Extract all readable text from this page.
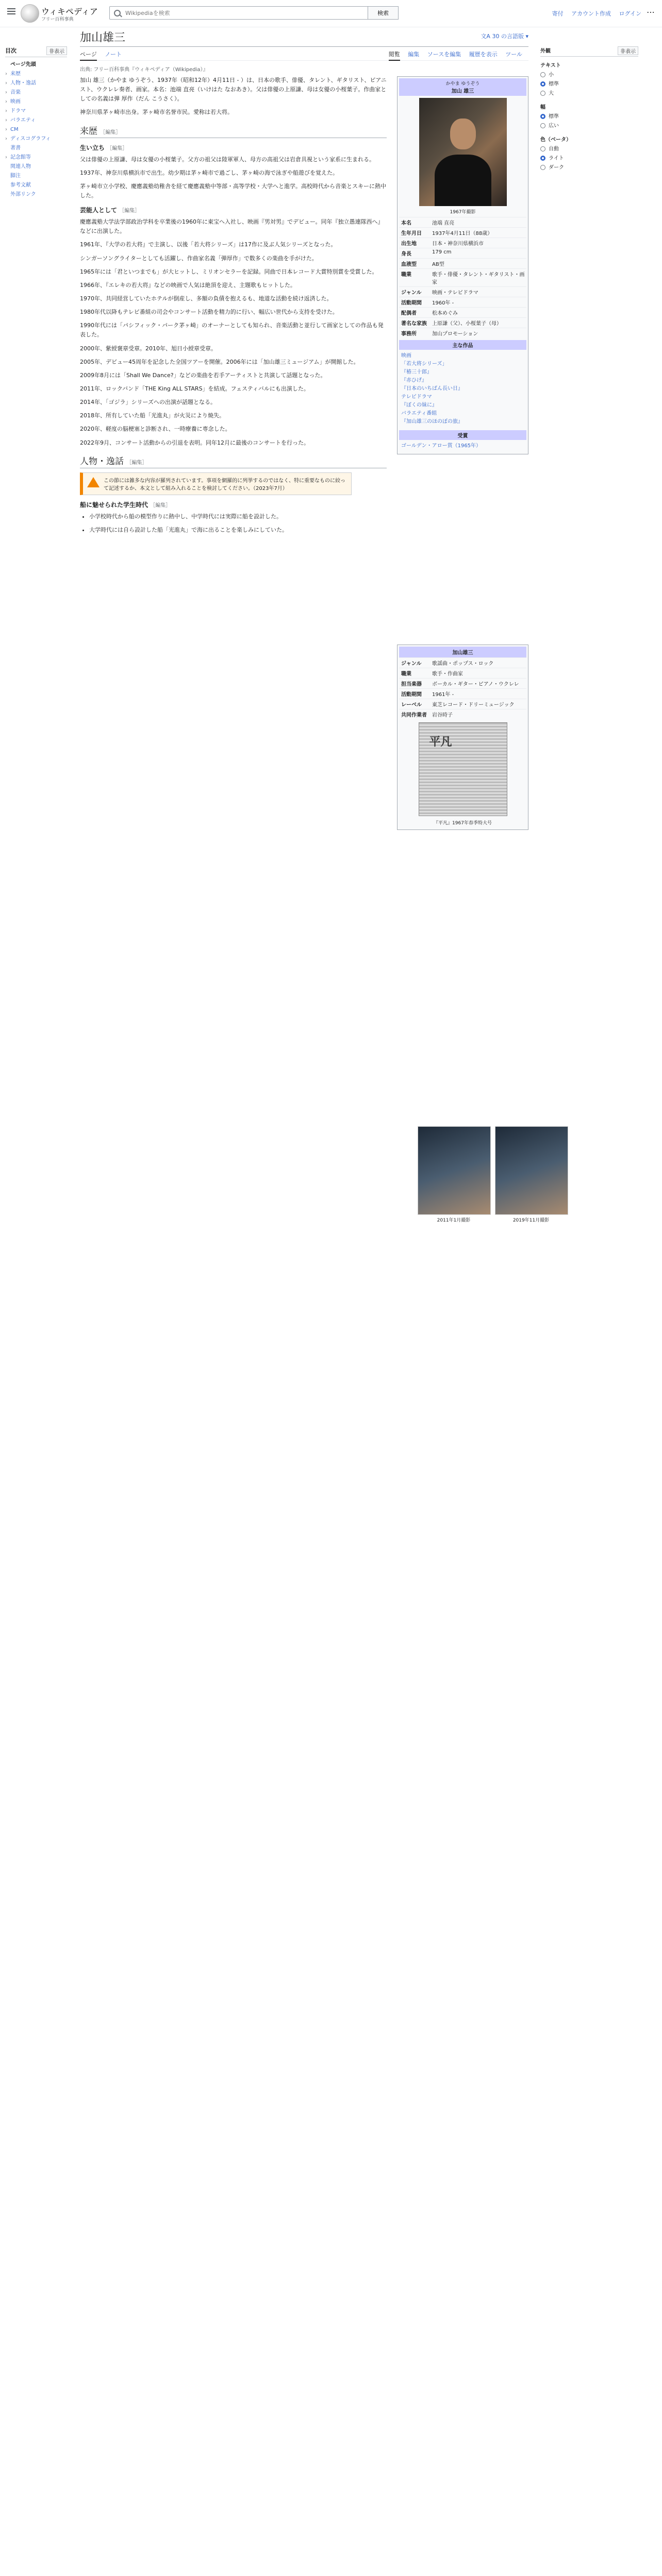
ウィキペディア
フリー百科事典
Wikipediaを検索
検索	寄付 アカウント作成 ログイン ⋯
目次	非表示
ページ先頭
› 来歴
› 人物・逸話
› 音楽
› 映画
› ドラマ
› バラエティ
› CM
› ディスコグラフィ
著書
› 記念館等
関連人物
脚注
参考文献
外部リンク
加山雄三	文A 30 の言語版 ▾
ページ ノート	閲覧 編集 ソースを編集 履歴を表示 ツール
出典: フリー百科事典『ウィキペディア（Wikipedia）』

加山 雄三（かやま ゆうぞう、1937年（昭和12年）4月11日 - ）は、日本の歌手、俳優、タレント、ギタリスト、ピアニスト、ウクレレ奏者、画家。本名：池端 直亮（いけはた なおあき）。父は俳優の上原謙、母は女優の小桜葉子。作曲家としての名義は弾 厚作（だん こうさく）。

神奈川県茅ヶ崎市出身。茅ヶ崎市名誉市民。愛称は若大将。

来歴 ［編集］
生い立ち ［編集］

父は俳優の上原謙、母は女優の小桜葉子。父方の祖父は陸軍軍人、母方の高祖父は岩倉具視という家系に生まれる。

1937年、神奈川県横浜市で出生。幼少期は茅ヶ崎市で過ごし、茅ヶ崎の海で泳ぎや船遊びを覚えた。

茅ヶ崎市立小学校、慶應義塾幼稚舎を経て慶應義塾中等部・高等学校・大学へと進学。高校時代から音楽とスキーに熱中した。

芸能人として ［編集］

慶應義塾大学法学部政治学科を卒業後の1960年に東宝へ入社し、映画『男対男』でデビュー。同年『独立愚連隊西へ』などに出演した。

1961年、『大学の若大将』で主演し、以後「若大将シリーズ」は17作に及ぶ人気シリーズとなった。

シンガーソングライターとしても活躍し、作曲家名義「弾厚作」で数多くの楽曲を手がけた。

1965年には「君といつまでも」が大ヒットし、ミリオンセラーを記録。同曲で日本レコード大賞特別賞を受賞した。

1966年、『エレキの若大将』などの映画で人気は絶頂を迎え、主題歌もヒットした。

1970年、共同経営していたホテルが倒産し、多額の負債を抱えるも、地道な活動を続け返済した。

1980年代以降もテレビ番組の司会やコンサート活動を精力的に行い、幅広い世代から支持を受けた。

1990年代には「パシフィック・パーク茅ヶ崎」のオーナーとしても知られ、音楽活動と並行して画家としての作品も発表した。

2000年、紫綬褒章受章。2010年、旭日小綬章受章。

2005年、デビュー45周年を記念した全国ツアーを開催。2006年には「加山雄三ミュージアム」が開館した。

2009年8月には「Shall We Dance?」などの楽曲を若手アーティストと共演して話題となった。

2011年、ロックバンド「THE King ALL STARS」を結成。フェスティバルにも出演した。

2014年、「ゴジラ」シリーズへの出演が話題となる。

2018年、所有していた船「光進丸」が火災により焼失。

2020年、軽度の脳梗塞と診断され、一時療養に専念した。

2022年9月、コンサート活動からの引退を表明。同年12月に最後のコンサートを行った。

人物・逸話 ［編集］
この節には雑多な内容が羅列されています。事項を網羅的に列挙するのではなく、特に重要なものに絞って記述するか、本文として組み入れることを検討してください。（2023年7月）
船に魅せられた学生時代 ［編集］
• 小学校時代から船の模型作りに熱中し、中学時代には実際に船を設計した。
• 大学時代には自ら設計した船「光進丸」で海に出ることを楽しみにしていた。
かやま ゆうぞう
加山 雄三
1967年撮影
本名	池端 直亮
生年月日	1937年4月11日（88歳）
出生地	日本・神奈川県横浜市
身長	179 cm
血液型	AB型
職業	歌手・俳優・タレント・ギタリスト・画家
ジャンル	映画・テレビドラマ
活動期間	1960年 -
配偶者	松本めぐみ
著名な家族	上原謙（父）、小桜葉子（母）
事務所	加山プロモーション
主な作品
映画
「若大将シリーズ」
『椿三十郎』
『赤ひげ』
『日本のいちばん長い日』
テレビドラマ
『ぼくの妹に』
バラエティ番組
『加山雄三のほのぼの旅』
受賞
ゴールデン・アロー賞（1965年）
加山雄三
ジャンル	歌謡曲・ポップス・ロック
職業	歌手・作曲家
担当楽器	ボーカル・ギター・ピアノ・ウクレレ
活動期間	1961年 -
レーベル	東芝レコード・ドリーミュージック
共同作業者	岩谷時子
平凡
『平凡』1967年春季特大号
2011年1月撮影	2019年11月撮影
外観	非表示
テキスト
小
標準
大
幅
標準
広い
色（ベータ）
自動
ライト
ダーク
